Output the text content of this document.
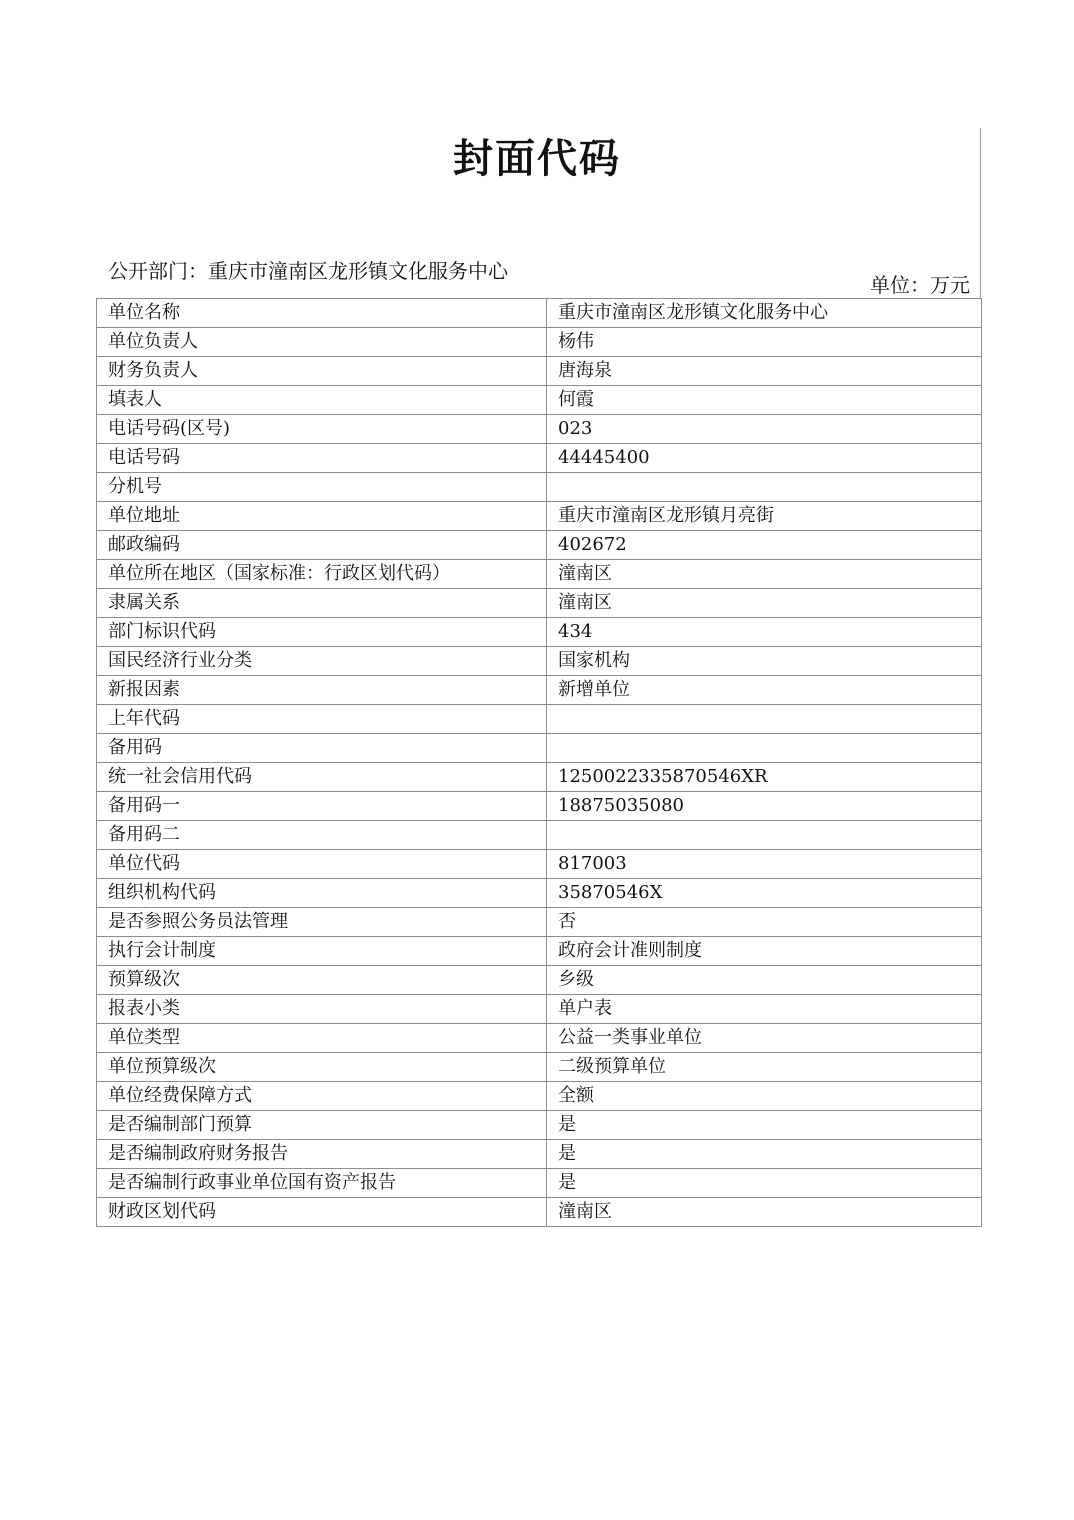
封面代码
公开部门：重庆市潼南区龙形镇文化服务中心
单位：万元
单位名称	重庆市潼南区龙形镇文化服务中心
单位负责人	杨伟
财务负责人	唐海泉
填表人	何霞
电话号码(区号)	023
电话号码	44445400
分机号	
单位地址	重庆市潼南区龙形镇月亮街
邮政编码	402672
单位所在地区（国家标准：行政区划代码）	潼南区
隶属关系	潼南区
部门标识代码	434
国民经济行业分类	国家机构
新报因素	新增单位
上年代码	
备用码	
统一社会信用代码	1250022335870546XR
备用码一	18875035080
备用码二	
单位代码	817003
组织机构代码	35870546X
是否参照公务员法管理	否
执行会计制度	政府会计准则制度
预算级次	乡级
报表小类	单户表
单位类型	公益一类事业单位
单位预算级次	二级预算单位
单位经费保障方式	全额
是否编制部门预算	是
是否编制政府财务报告	是
是否编制行政事业单位国有资产报告	是
财政区划代码	潼南区
